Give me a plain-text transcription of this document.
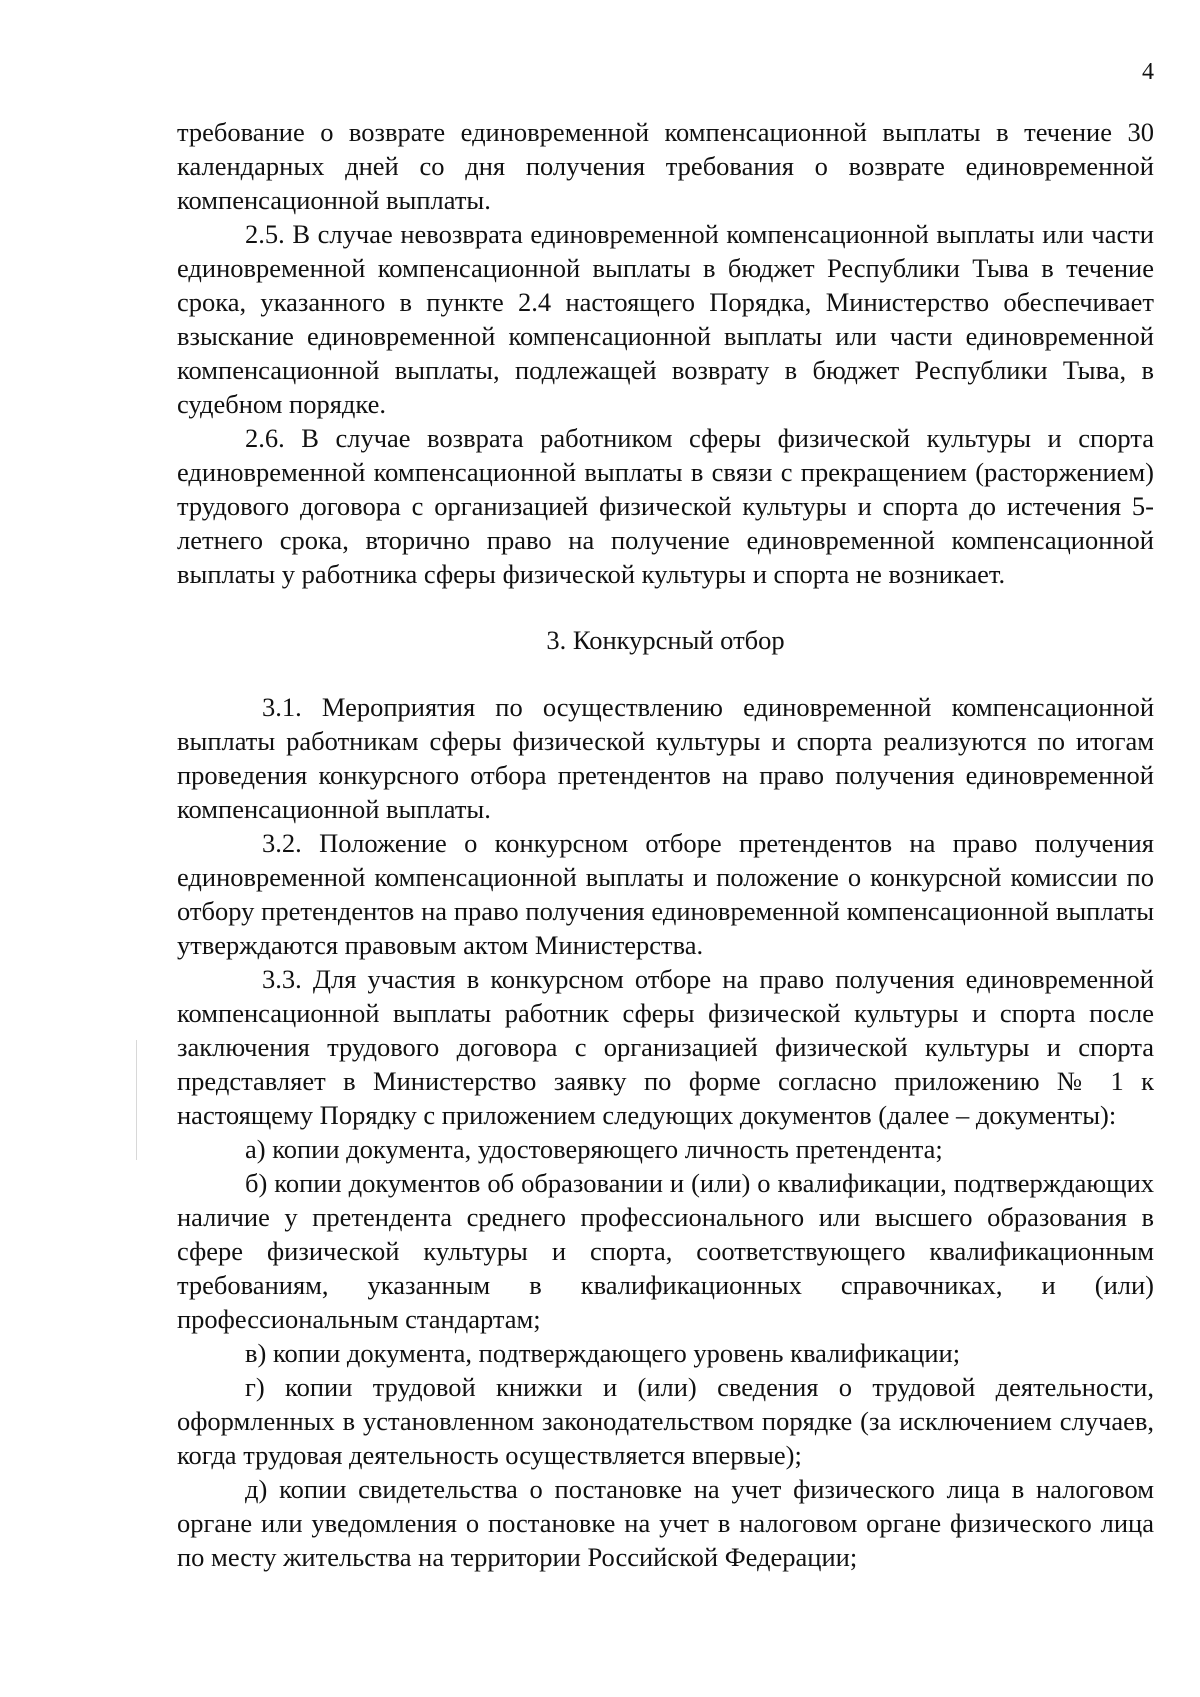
4

требование о возврате единовременной компенсационной выплаты в течение 30 календарных дней со дня получения требования о возврате единовременной компенсационной выплаты.

2.5. В случае невозврата единовременной компенсационной выплаты или части единовременной компенсационной выплаты в бюджет Республики Тыва в течение срока, указанного в пункте 2.4 настоящего Порядка, Министерство обеспечивает взыскание единовременной компенсационной выплаты или части единовременной компенсационной выплаты, подлежащей возврату в бюджет Республики Тыва, в судебном порядке.

2.6. В случае возврата работником сферы физической культуры и спорта единовременной компенсационной выплаты в связи с прекращением (расторжением) трудового договора с организацией физической культуры и спорта до истечения 5-летнего срока, вторично право на получение единовременной компенсационной выплаты у работника сферы физической культуры и спорта не возникает.

3. Конкурсный отбор

3.1. Мероприятия по осуществлению единовременной компенсационной выплаты работникам сферы физической культуры и спорта реализуются по итогам проведения конкурсного отбора претендентов на право получения единовременной компенсационной выплаты.

3.2. Положение о конкурсном отборе претендентов на право получения единовременной компенсационной выплаты и положение о конкурсной комиссии по отбору претендентов на право получения единовременной компенсационной выплаты утверждаются правовым актом Министерства.

3.3. Для участия в конкурсном отборе на право получения единовременной компенсационной выплаты работник сферы физической культуры и спорта после заключения трудового договора с организацией физической культуры и спорта представляет в Министерство заявку по форме согласно приложению № 1 к настоящему Порядку с приложением следующих документов (далее – документы):

а) копии документа, удостоверяющего личность претендента;

б) копии документов об образовании и (или) о квалификации, подтверждающих наличие у претендента среднего профессионального или высшего образования в сфере физической культуры и спорта, соответствующего квалификационным требованиям, указанным в квалификационных справочниках, и (или) профессиональным стандартам;

в) копии документа, подтверждающего уровень квалификации;

г) копии трудовой книжки и (или) сведения о трудовой деятельности, оформленных в установленном законодательством порядке (за исключением случаев, когда трудовая деятельность осуществляется впервые);

д) копии свидетельства о постановке на учет физического лица в налоговом органе или уведомления о постановке на учет в налоговом органе физического лица по месту жительства на территории Российской Федерации;
